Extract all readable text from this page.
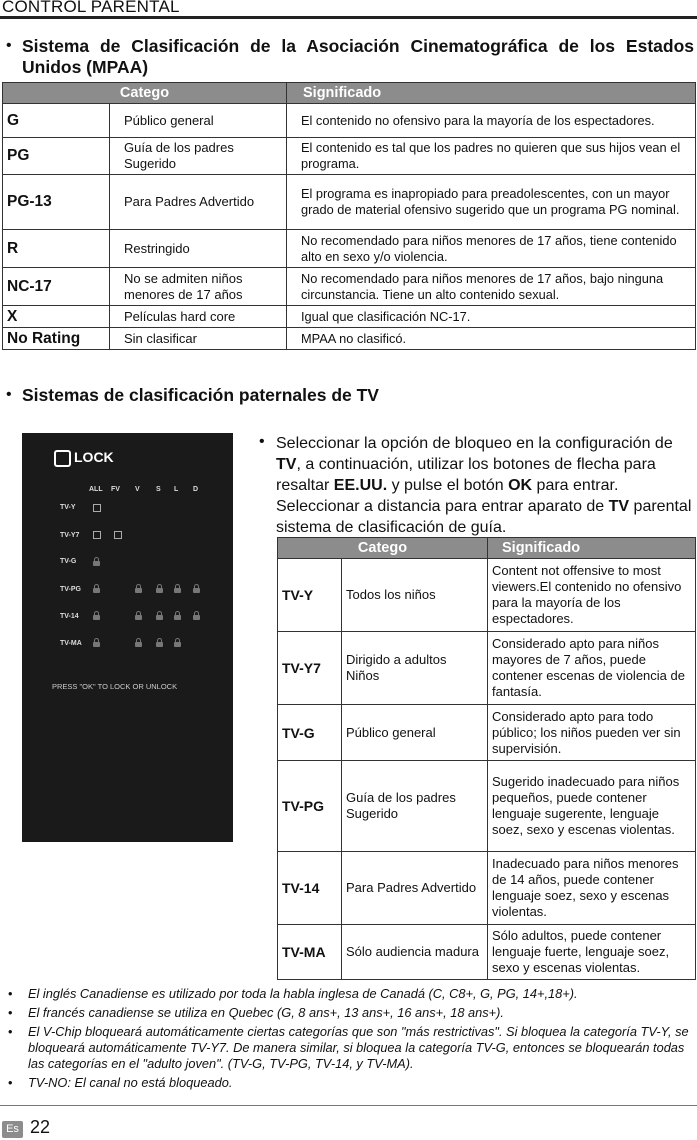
CONTROL PARENTAL
• Sistema de Clasificación de la Asociación Cinematográfica de los Estados Unidos (MPAA)
Catego		Significado
G	Público general	El contenido no ofensivo para la mayoría de los espectadores.
PG	Guía de los padres Sugerido	El contenido es tal que los padres no quieren que sus hijos vean el programa.
PG-13	Para Padres Advertido	El programa es inapropiado para preadolescentes, con un mayor grado de material ofensivo sugerido que un programa PG nominal.
R	Restringido	No recomendado para niños menores de 17 años, tiene contenido alto en sexo y/o violencia.
NC-17	No se admiten niños menores de 17 años	No recomendado para niños menores de 17 años, bajo ninguna circunstancia. Tiene un alto contenido sexual.
X	Películas hard core	Igual que clasificación NC-17.
No Rating	Sin clasificar	MPAA no clasificó.
• Sistemas de clasificación paternales de TV
LOCK
ALL FV V S L D
TV-Y
TV-Y7
TV-G
TV-PG
TV-14
TV-MA
PRESS "OK" TO LOCK OR UNLOCK
• Seleccionar la opción de bloqueo en la configuración de TV, a continuación, utilizar los botones de flecha para resaltar EE.UU. y pulse el botón OK para entrar. Seleccionar a distancia para entrar aparato de TV parental sistema de clasificación de guía.
Catego		Significado
TV-Y	Todos los niños	Content not offensive to most viewers.El contenido no ofensivo para la mayoría de los espectadores.
TV-Y7	Dirigido a adultos Niños	Considerado apto para niños mayores de 7 años, puede contener escenas de violencia de fantasía.
TV-G	Público general	Considerado apto para todo público; los niños pueden ver sin supervisión.
TV-PG	Guía de los padres Sugerido	Sugerido inadecuado para niños pequeños, puede contener lenguaje sugerente, lenguaje soez, sexo y escenas violentas.
TV-14	Para Padres Advertido	Inadecuado para niños menores de 14 años, puede contener lenguaje soez, sexo y escenas violentas.
TV-MA	Sólo audiencia madura	Sólo adultos, puede contener lenguaje fuerte, lenguaje soez, sexo y escenas violentas.
• El inglés Canadiense es utilizado por toda la habla inglesa de Canadá (C, C8+, G, PG, 14+,18+).
• El francés canadiense se utiliza en Quebec (G, 8 ans+, 13 ans+, 16 ans+, 18 ans+).
• El V-Chip bloqueará automáticamente ciertas categorías que son "más restrictivas". Si bloquea la categoría TV-Y, se bloqueará automáticamente TV-Y7. De manera similar, si bloquea la categoría TV-G, entonces se bloquearán todas las categorías en el "adulto joven". (TV-G, TV-PG, TV-14, y TV-MA).
• TV-NO: El canal no está bloqueado.
Es 22
